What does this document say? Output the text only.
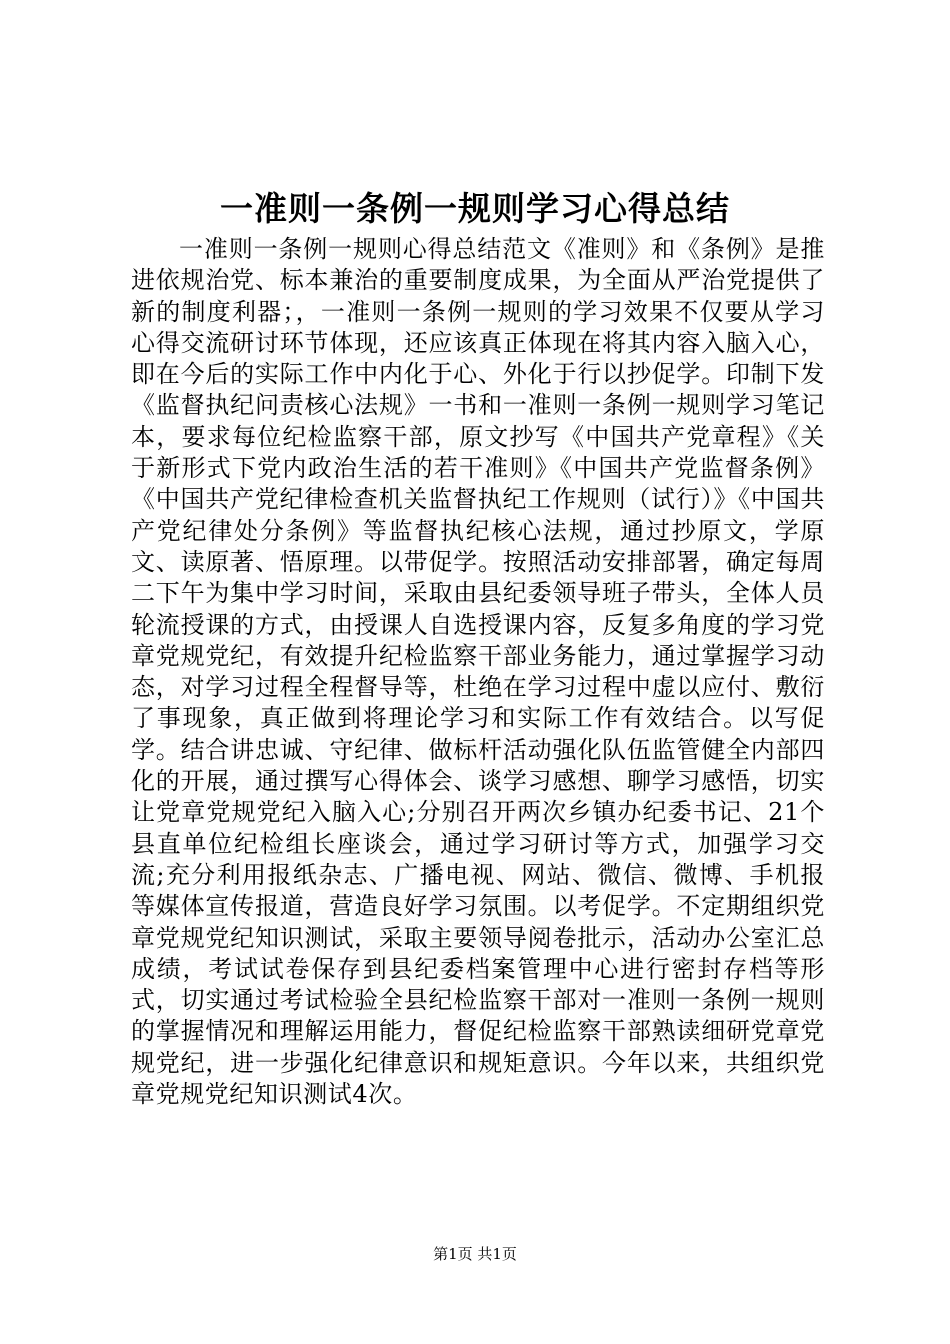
一准则一条例一规则学习心得总结

一准则一条例一规则心得总结范文《准则》和《条例》是推进依规治党、标本兼治的重要制度成果，为全面从严治党提供了新的制度利器；，一准则一条例一规则的学习效果不仅要从学习心得交流研讨环节体现，还应该真正体现在将其内容入脑入心，即在今后的实际工作中内化于心、外化于行以抄促学。印制下发《监督执纪问责核心法规》一书和一准则一条例一规则学习笔记本，要求每位纪检监察干部，原文抄写《中国共产党章程》《关于新形式下党内政治生活的若干准则》《中国共产党监督条例》《中国共产党纪律检查机关监督执纪工作规则（试行）》《中国共产党纪律处分条例》等监督执纪核心法规，通过抄原文，学原文、读原著、悟原理。以带促学。按照活动安排部署，确定每周二下午为集中学习时间，采取由县纪委领导班子带头，全体人员轮流授课的方式，由授课人自选授课内容，反复多角度的学习党章党规党纪，有效提升纪检监察干部业务能力，通过掌握学习动态，对学习过程全程督导等，杜绝在学习过程中虚以应付、敷衍了事现象，真正做到将理论学习和实际工作有效结合。以写促学。结合讲忠诚、守纪律、做标杆活动强化队伍监管健全内部四化的开展，通过撰写心得体会、谈学习感想、聊学习感悟，切实让党章党规党纪入脑入心;分别召开两次乡镇办纪委书记、21个县直单位纪检组长座谈会，通过学习研讨等方式，加强学习交流;充分利用报纸杂志、广播电视、网站、微信、微博、手机报等媒体宣传报道，营造良好学习氛围。以考促学。不定期组织党章党规党纪知识测试，采取主要领导阅卷批示，活动办公室汇总成绩，考试试卷保存到县纪委档案管理中心进行密封存档等形式，切实通过考试检验全县纪检监察干部对一准则一条例一规则的掌握情况和理解运用能力，督促纪检监察干部熟读细研党章党规党纪，进一步强化纪律意识和规矩意识。今年以来，共组织党章党规党纪知识测试4次。

第1页 共1页
